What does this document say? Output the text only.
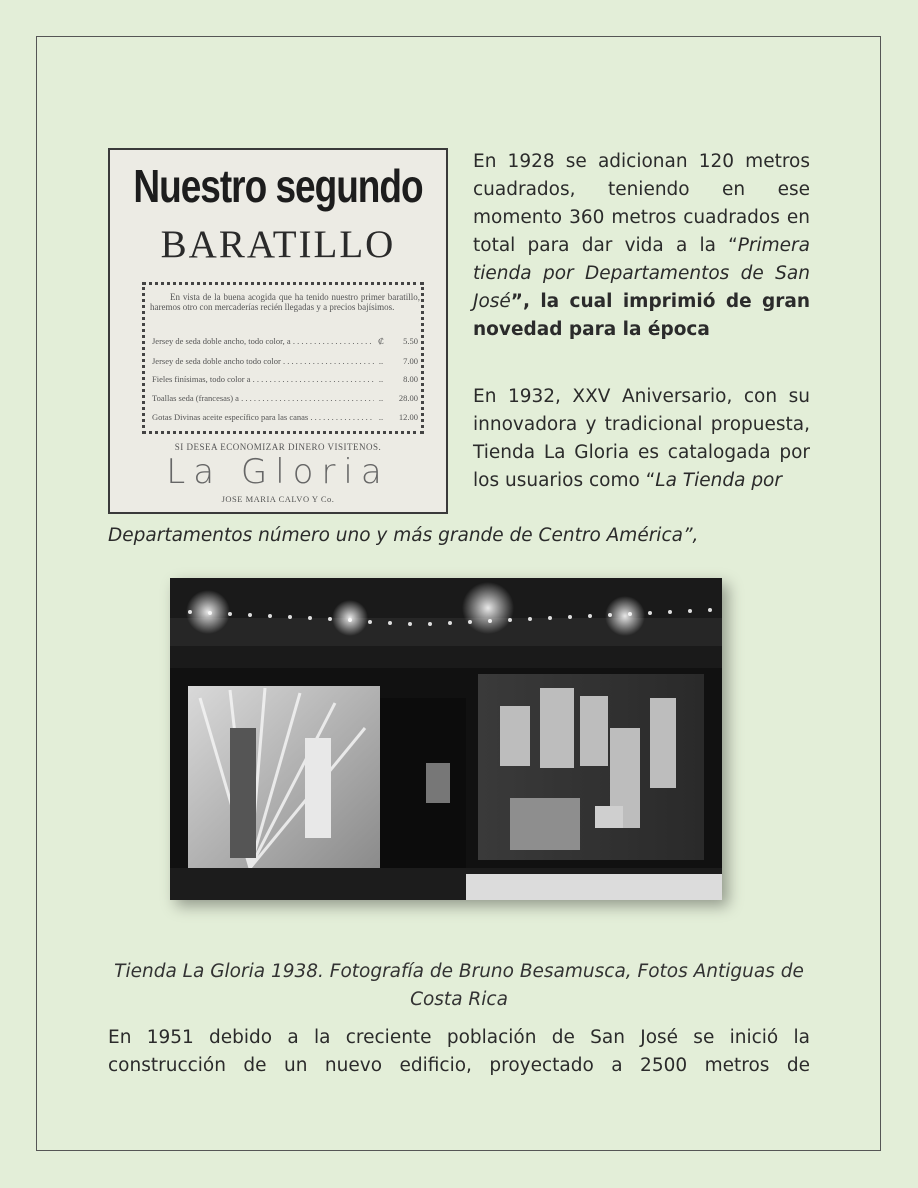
Nuestro segundo
BARATILLO
En vista de la buena acogida que ha tenido nuestro primer baratillo, haremos otro con mercaderías recién llegadas y a precios bajísimos.
Jersey de seda doble ancho, todo color, a . . .	₡	5.50
Jersey de seda doble ancho todo color . . .	..	7.00
Fieles finísimas, todo color a . . .	..	8.00
Toallas seda (francesas) a . . .	..	28.00
Gotas Divinas aceite específico para las canas . . .	..	12.00
SI DESEA ECONOMIZAR DINERO VISITENOS.
La Gloria
JOSE MARIA CALVO Y Co.

En 1928 se adicionan 120 metros cuadrados, teniendo en ese momento 360 metros cuadrados en total para dar vida a la “Primera tienda por Departamentos de San José”, la cual imprimió de gran novedad para la época

En 1932, XXV Aniversario, con su innovadora y tradicional propuesta, Tienda La Gloria es catalogada por los usuarios como “La Tienda por

Departamentos número uno y más grande de Centro América”,

Tienda La Gloria 1938. Fotografía de Bruno Besamusca, Fotos Antiguas de Costa Rica

En 1951 debido a la creciente población de San José se inició la construcción de un nuevo edificio, proyectado a 2500 metros de
